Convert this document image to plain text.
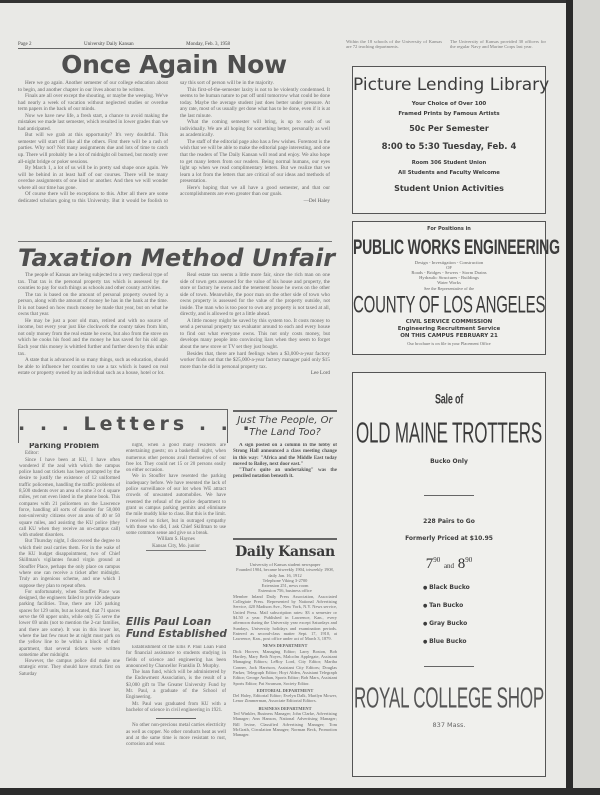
Page 2	University Daily Kansan	Monday, Feb. 3, 1958

Within the 18 schools of the University of Kansas are 72 teaching departments.

The University of Kansas provided 30 officers for the regular Navy and Marine Corps last year.

Once Again Now

Here we go again. Another semester of our college education about to begin, and another chapter in our lives about to be written.

Finals are all over except the shouting, or maybe the weeping. We've had nearly a week of vacation without neglected studies or overdue term papers in the back of our minds.

Now we have new life, a fresh start, a chance to avoid making the mistakes we made last semester, which resulted in lower grades than we had anticipated.

But will we grab at this opportunity? It's very doubtful. This semester will start off like all the others. First there will be a rash of parties. Why not? Not many assignments due and lots of time to catch up. There will probably be a lot of midnight oil burned, but mostly over all-night bridge or poker sessions.

By March 1, a lot of us will be in pretty sad shape once again. We will be behind in at least half of our courses. There will be many overdue assignments of one kind or another. And then we will wonder where all our time has gone.

Of course there will be exceptions to this. After all there are some dedicated scholars going to this University. But it would be foolish to say this sort of person will be in the majority.

This first-of-the-semester laxity is not to be violently condemned. It seems to be human nature to put off until tomorrow what could be done today. Maybe the average student just does better under pressure. At any rate, most of us usually get done what has to be done, even if it is at the last minute.

What the coming semester will bring, is up to each of us individually. We are all hoping for something better, personally as well as academically.

The staff of the editorial page also has a few wishes. Foremost is the wish that we will be able to make the editorial page interesting, and one that the readers of The Daily Kansan will read and enjoy. We also hope to get many letters from our readers. Being normal humans, our eyes light up when we read complimentary letters. But we realize that we learn a lot from the letters that are critical of our ideas and methods of presentation.

Here's hoping that we all have a good semester, and that our accomplishments are even greater than our goals.

—Del Haley

Taxation Method Unfair

The people of Kansas are being subjected to a very medieval type of tax. That tax is the personal property tax which is assessed by the counties to pay for such things as schools and other county activities.

The tax is based on the amount of personal property owned by a person, along with the amount of money he has in the bank at the time. It is not based on how much money he made that year, but on what he owns that year.

He may be just a poor old man, retired and with no source of income, but every year just like clockwork the county takes from him, not only money from the real estate he owns, but also from the stove on which he cooks his food and the money he has saved for his old age. Each year this money is whittled further and further down by this unfair tax.

A state that is advanced in so many things, such as education, should be able to influence her counties to use a tax which is based on real estate or property owned by an individual such as a house, hotel or lot.

Real estate tax seems a little more fair, since the rich man on one side of town gets assessed for the value of his house and property, the store or factory he owns and the tenement house he owns on the other side of town. Meanwhile, the poor man on the other side of town who owns property is assessed for the value of the property outside, not inside. The man who is too poor to own any property is not taxed at all, directly, and is allowed to get a little ahead.

A little money might be saved by this system too. It costs money to send a personal property tax evaluator around to each and every house to find out what everyone owns. This not only costs money, but develops many people into convincing liars when they seem to forget about the new stove or TV set they just bought.

Besides that, there are hard feelings when a $3,000-a-year factory worker finds out that the $25,000-a-year factory manager paid only $15 more than he did in personal property tax.

Lee Lord

. . . Letters . . .

Parking Problem

Editor:

Since I have been at KU, I have often wondered if the zeal with which the campus police hand out tickets has been prompted by the desire to justify the existence of 12 uniformed traffic policemen, handling the traffic problems of 8,500 students over an area of some 3 or 4 square miles, yet not even listed in the phone book. This compares with 21 policemen on the Lawrence force, handling all sorts of disorder for 50,000 non-university citizens over an area of 40 or 50 square miles, and assisting the KU police (they call KU when they receive an on-campus call) with student disorders.

But Thursday night, I discovered the degree to which their zeal carries them. For in the wake of the KU budget disappointment, two of Chief Skillman's vigilantes found virgin ground at Stouffer Place, perhaps the only place on campus where one can receive a ticket after midnight. Truly an ingenious scheme, and one which I suppose they plan to repeat often.

For unfortunately, when Stouffer Place was designed, the engineers failed to provide adequate parking facilities. True, there are 126 parking spaces for 129 units, but as located, that 71 spaces serve the 60 upper units, while only 55 serve the lower 69 units (not to mention the 2-car families, and there are some). It was in this lower lot, where the last few must be at night must park on the yellow line to be within a block of their apartment, that several tickets were written sometime after midnight.

However, the campus police did make one strategic error. They should have struck first on Saturday

night, when a good many residents are entertaining guests; on a basketball night, when numerous other persons avail themselves of our free lot. They could net 15 or 20 persons easily on either occasion.

We in Stouffer have resented the parking inadequacy before. We have resented the lack of police surveillance of our lot when WE attract crowds of unwanted automobiles. We have resented the refusal of the police department to grant us campus parking permits and eliminate the mile muddy hike to class. But this is the limit. I received no ticket, but in outraged sympathy with those who did, I ask Chief Skillman to use some common sense and give us a break.

William S. Haynes

Kansas City, Mo. junior

Ellis Paul Loan Fund Established

Establishment of the Ellis P. Paul Loan Fund for financial assistance to students studying in fields of science and engineering has been announced by Chancellor Franklin D. Murphy.

The loan fund, which will be administered by the Endowment Association, is the result of a $3,000 gift to The Greater University Fund by Mr. Paul, a graduate of the School of Engineering.

Mr. Paul was graduated from KU with a bachelor of science in civil engineering in 1921.

No other non-precious metal carries electricity as well as copper. No other conducts heat as well and at the same time is more resistant to rust, corrosion and wear.

Just The People, Or The Land Too?

A sign posted on a column in the lobby of Strong Hall announced a class meeting change in this way: "Africa and the Middle East today moved to Bailey, next door east."

"That's quite an undertaking" was the penciled notation beneath it.

Daily Kansan

University of Kansas student newspaper

Founded 1904, became biweekly 1904, triweekly 1908, daily Jan. 16, 1912

Telephone Viking 3-2700

Extension 251, news room

Extension 756, business office

Member Inland Daily Press Association, Associated Collegiate Press. Represented by National Advertising Service, 420 Madison Ave., New York, N.Y. News service, United Press. Mail subscription rates: $3 a semester or $4.50 a year. Published in Lawrence, Kan., every afternoon during the University year except Saturdays and Sundays, University holidays and examination periods. Entered as second-class matter Sept. 17, 1910, at Lawrence, Kan., post office under act of March 3, 1879.

NEWS DEPARTMENT

Dick Hoover, Managing Editor; Larry Boston, Bob Hartley, Mary Beth Noyes, Malcolm Applegate, Assistant Managing Editors; LeRoy Lord, City Editor; Martha Conner, Jack Harrison, Assistant City Editors; Douglas Parker, Telegraph Editor; Hoyt Alden, Assistant Telegraph Editor; George Anthan, Sports Editor; Bob Marx, Assistant Sports Editor; Pat Swanson, Society Editor.

EDITORIAL DEPARTMENT

Del Haley, Editorial Editor; Evelyn Dalk, Marilyn Mower, Lenor Zimmerman, Associate Editorial Editors.

BUSINESS DEPARTMENT

Ted Winkler, Business Manager; John Clarke, Advertising Manager; Ann Hanson, National Advertising Manager; Bill Irvine, Classified Advertising Manager; Tom McGrath, Circulation Manager; Norman Beck, Promotion Manager.

Picture Lending Library

Your Choice of Over 100

Framed Prints by Famous Artists

50c Per Semester

8:00 to 5:30 Tuesday, Feb. 4

Room 306 Student Union

All Students and Faculty Welcome

Student Union Activities

For Positions in

PUBLIC WORKS ENGINEERING

Design - Investigation - Construction

OF

Roads - Bridges - Sewers - Storm Drains

Hydraulic Structures - Buildings

Water Works

See the Representative of the

COUNTY OF LOS ANGELES

CIVIL SERVICE COMMISSION

Engineering Recruitment Service

ON THIS CAMPUS FEBRUARY 21

Our brochure is on file in your Placement Office

Sale of

OLD MAINE TROTTERS

Bucko Only

228 Pairs to Go

Formerly Priced at $10.95

$7^{90}$ and $8^{90}$

● Black Bucko

● Tan Bucko

● Gray Bucko

● Blue Bucko

ROYAL COLLEGE SHOP

837 Mass.
